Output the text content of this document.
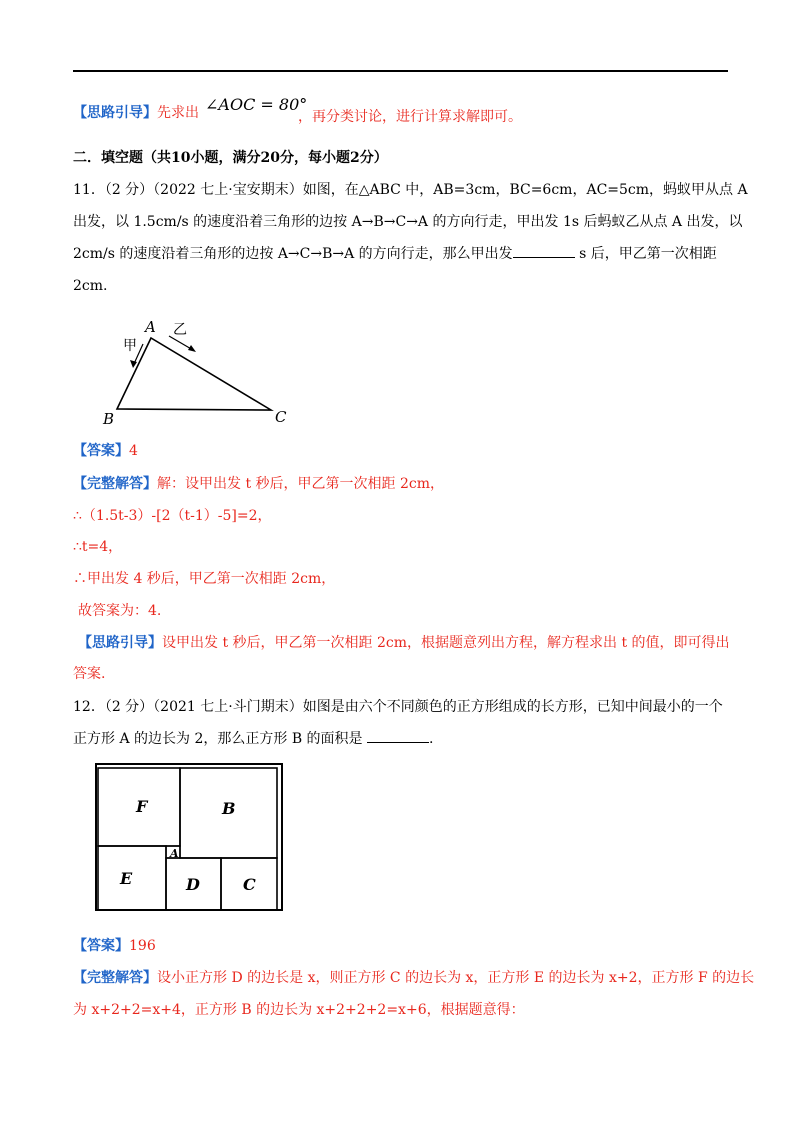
【思路引导】先求出 ∠AOC = 80°
，再分类讨论，进行计算求解即可。
二．填空题（共10小题，满分20分，每小题2分）
11．（2 分）（2022 七上·宝安期末）如图，在△ABC 中，AB=3cm，BC=6cm，AC=5cm，蚂蚁甲从点 A
出发，以 1.5cm/s 的速度沿着三角形的边按 A→B→C→A 的方向行走，甲出发 1s 后蚂蚁乙从点 A 出发，以
2cm/s 的速度沿着三角形的边按 A→C→B→A 的方向行走，那么甲出发	s 后，甲乙第一次相距
2cm.
A
B	C
甲
乙
【答案】4
【完整解答】解：设甲出发 t 秒后，甲乙第一次相距 2cm，
∴（1.5t-3）-[2（t-1）-5]=2，
∴t=4，
∴甲出发 4 秒后，甲乙第一次相距 2cm，
故答案为：4.
【思路引导】设甲出发 t 秒后，甲乙第一次相距 2cm，根据题意列出方程，解方程求出 t 的值，即可得出
答案.
12．（2 分）（2021 七上·斗门期末）如图是由六个不同颜色的正方形组成的长方形，已知中间最小的一个
正方形 A 的边长为 2，那么正方形 B 的面积是	.
F	B
E
A
D	C
【答案】196
【完整解答】设小正方形 D 的边长是 x，则正方形 C 的边长为 x，正方形 E 的边长为 x+2，正方形 F 的边长
为 x+2+2=x+4，正方形 B 的边长为 x+2+2+2=x+6，根据题意得：
